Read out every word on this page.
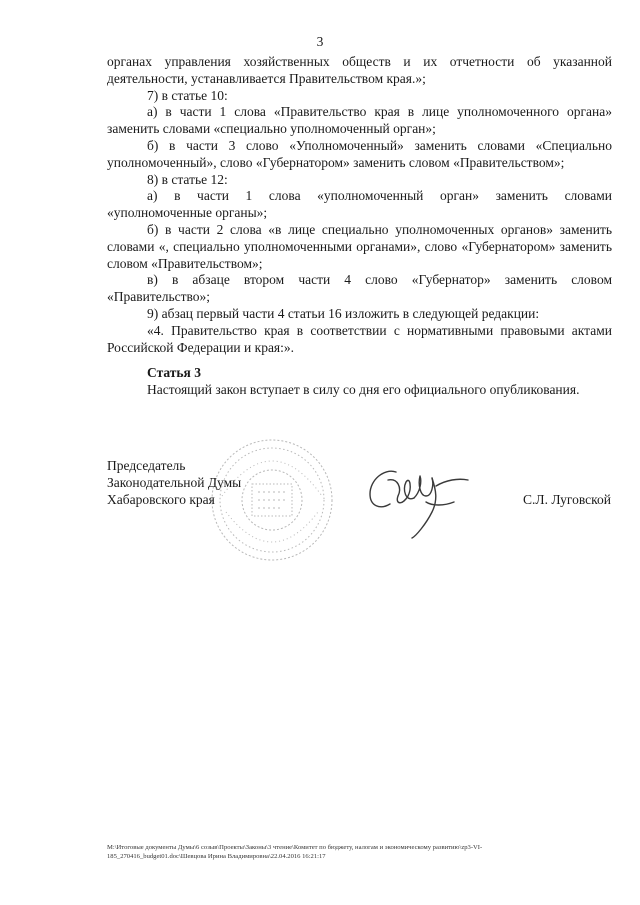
3

органах управления хозяйственных обществ и их отчетности об указанной деятельности, устанавливается Правительством края.»;

7) в статье 10:

а) в части 1 слова «Правительство края в лице уполномоченного органа» заменить словами «специально уполномоченный орган»;

б) в части 3 слово «Уполномоченный» заменить словами «Специально уполномоченный», слово «Губернатором» заменить словом «Правительством»;

8) в статье 12:

а) в части 1 слова «уполномоченный орган» заменить словами «уполномоченные органы»;

б) в части 2 слова «в лице специально уполномоченных органов» заменить словами «, специально уполномоченными органами», слово «Губернатором» заменить словом «Правительством»;

в) в абзаце втором части 4 слово «Губернатор» заменить словом «Правительство»;

9) абзац первый части 4 статьи 16 изложить в следующей редакции:

«4. Правительство края в соответствии с нормативными правовыми актами Российской Федерации и края:».

Статья 3
Настоящий закон вступает в силу со дня его официального опубликования.
Председатель
Законодательной Думы
Хабаровского края	С.Л. Луговской
M:\Итоговые документы Думы\6 созыв\Проекты\Законы\3 чтение\Комитет по бюджету, налогам и экономическому развитию\zp3-VI-
185_270416_budget01.doc\Шевцова Ирина Владимировна\22.04.2016 16:21:17
